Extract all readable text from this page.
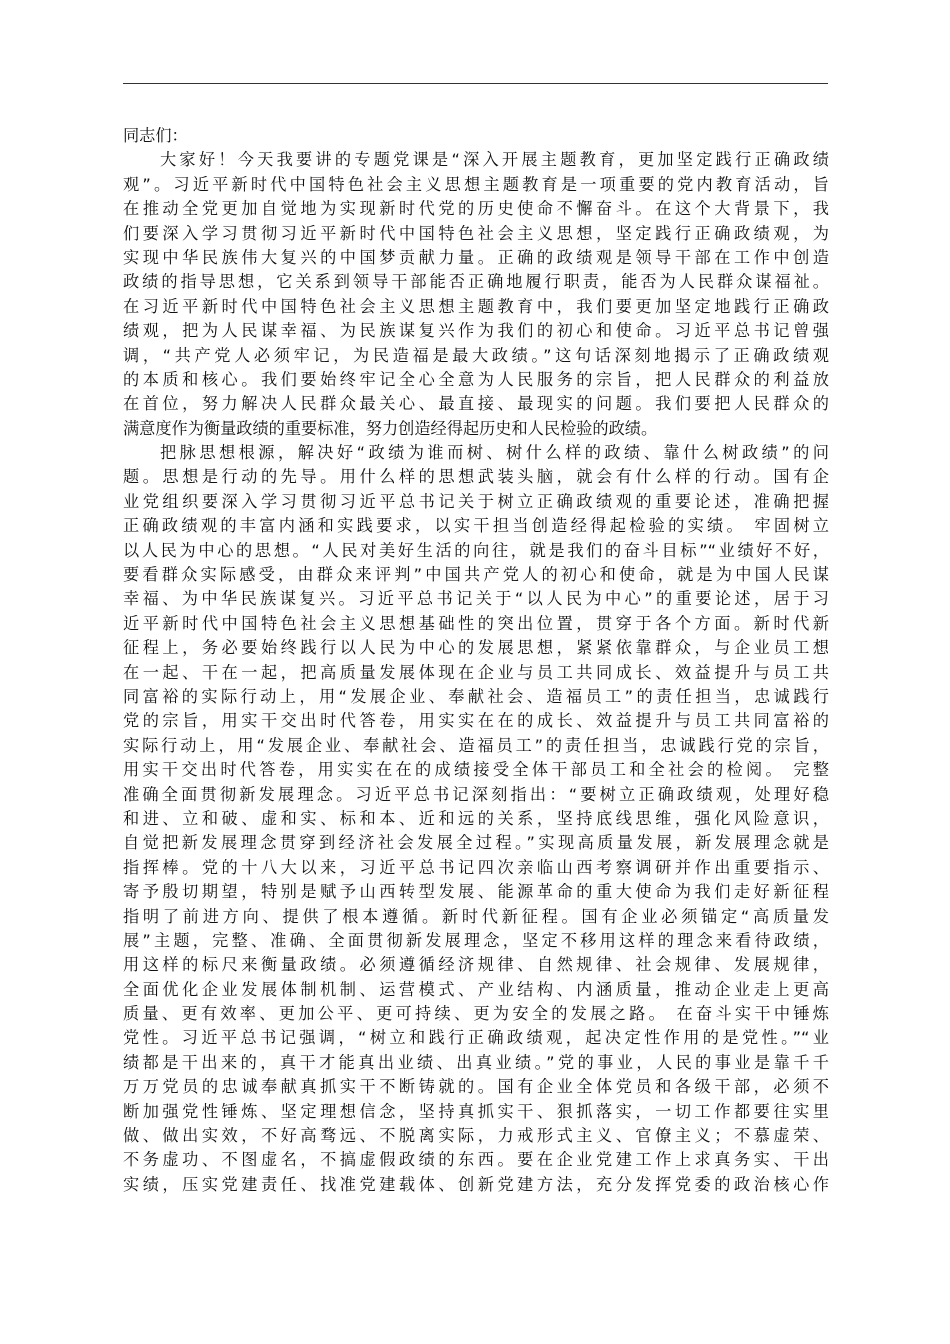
同志们：
大家好！今天我要讲的专题党课是“深入开展主题教育，更加坚定践行正确政绩
观”。习近平新时代中国特色社会主义思想主题教育是一项重要的党内教育活动，旨
在推动全党更加自觉地为实现新时代党的历史使命不懈奋斗。在这个大背景下，我
们要深入学习贯彻习近平新时代中国特色社会主义思想，坚定践行正确政绩观，为
实现中华民族伟大复兴的中国梦贡献力量。正确的政绩观是领导干部在工作中创造
政绩的指导思想，它关系到领导干部能否正确地履行职责，能否为人民群众谋福祉。
在习近平新时代中国特色社会主义思想主题教育中，我们要更加坚定地践行正确政
绩观，把为人民谋幸福、为民族谋复兴作为我们的初心和使命。习近平总书记曾强
调，“共产党人必须牢记，为民造福是最大政绩。”这句话深刻地揭示了正确政绩观
的本质和核心。我们要始终牢记全心全意为人民服务的宗旨，把人民群众的利益放
在首位，努力解决人民群众最关心、最直接、最现实的问题。我们要把人民群众的
满意度作为衡量政绩的重要标准，努力创造经得起历史和人民检验的政绩。
把脉思想根源，解决好“政绩为谁而树、树什么样的政绩、靠什么树政绩”的问
题。思想是行动的先导。用什么样的思想武装头脑，就会有什么样的行动。国有企
业党组织要深入学习贯彻习近平总书记关于树立正确政绩观的重要论述，准确把握
正确政绩观的丰富内涵和实践要求，以实干担当创造经得起检验的实绩。 牢固树立
以人民为中心的思想。“人民对美好生活的向往，就是我们的奋斗目标”“业绩好不好，
要看群众实际感受，由群众来评判”中国共产党人的初心和使命，就是为中国人民谋
幸福、为中华民族谋复兴。习近平总书记关于“以人民为中心”的重要论述，居于习
近平新时代中国特色社会主义思想基础性的突出位置，贯穿于各个方面。新时代新
征程上，务必要始终践行以人民为中心的发展思想，紧紧依靠群众，与企业员工想
在一起、干在一起，把高质量发展体现在企业与员工共同成长、效益提升与员工共
同富裕的实际行动上，用“发展企业、奉献社会、造福员工”的责任担当，忠诚践行
党的宗旨，用实干交出时代答卷，用实实在在的成长、效益提升与员工共同富裕的
实际行动上，用“发展企业、奉献社会、造福员工”的责任担当，忠诚践行党的宗旨，
用实干交出时代答卷，用实实在在的成绩接受全体干部员工和全社会的检阅。 完整
准确全面贯彻新发展理念。习近平总书记深刻指出：“要树立正确政绩观，处理好稳
和进、立和破、虚和实、标和本、近和远的关系，坚持底线思维，强化风险意识，
自觉把新发展理念贯穿到经济社会发展全过程。”实现高质量发展，新发展理念就是
指挥棒。党的十八大以来，习近平总书记四次亲临山西考察调研并作出重要指示、
寄予殷切期望，特别是赋予山西转型发展、能源革命的重大使命为我们走好新征程
指明了前进方向、提供了根本遵循。新时代新征程。国有企业必须锚定“高质量发
展”主题，完整、准确、全面贯彻新发展理念，坚定不移用这样的理念来看待政绩，
用这样的标尺来衡量政绩。必须遵循经济规律、自然规律、社会规律、发展规律，
全面优化企业发展体制机制、运营模式、产业结构、内涵质量，推动企业走上更高
质量、更有效率、更加公平、更可持续、更为安全的发展之路。 在奋斗实干中锤炼
党性。习近平总书记强调，“树立和践行正确政绩观，起决定性作用的是党性。”“业
绩都是干出来的，真干才能真出业绩、出真业绩。”党的事业，人民的事业是靠千千
万万党员的忠诚奉献真抓实干不断铸就的。国有企业全体党员和各级干部，必须不
断加强党性锤炼、坚定理想信念，坚持真抓实干、狠抓落实，一切工作都要往实里
做、做出实效，不好高骛远、不脱离实际，力戒形式主义、官僚主义；不慕虚荣、
不务虚功、不图虚名，不搞虚假政绩的东西。要在企业党建工作上求真务实、干出
实绩，压实党建责任、找准党建载体、创新党建方法，充分发挥党委的政治核心作
